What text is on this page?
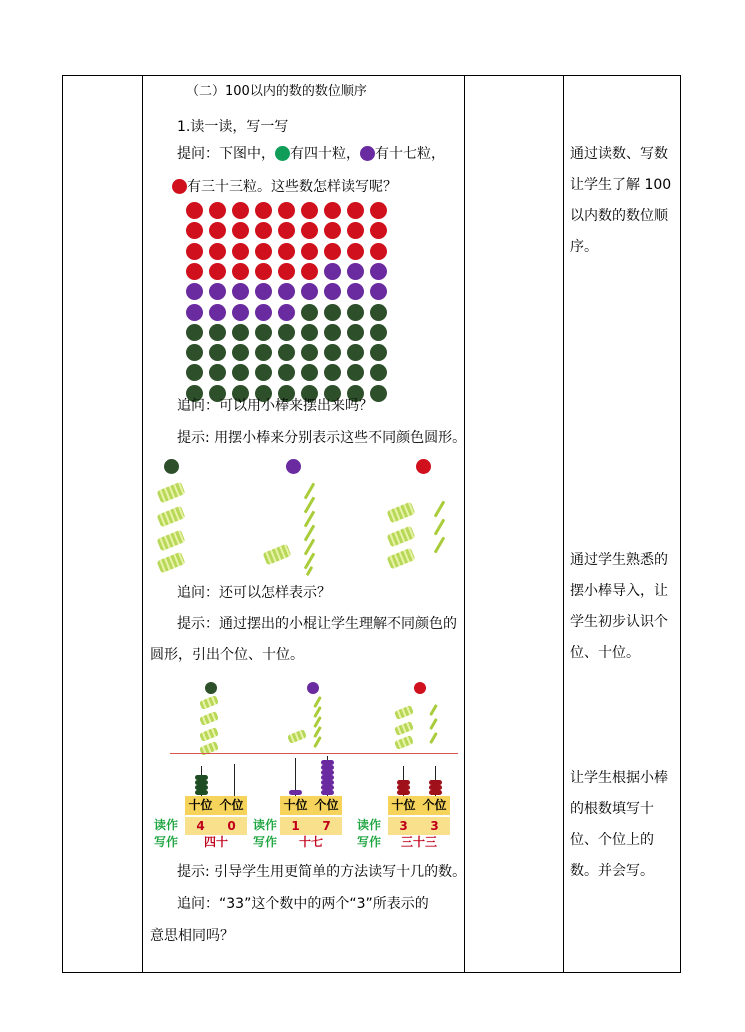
（二）100以内的数的数位顺序
1.读一读，写一写
提问：下图中， 有四十粒， 有十七粒，
有三十三粒。这些数怎样读写呢？
追问：可以用小棒来摆出来吗？
提示: 用摆小棒来分别表示这些不同颜色圆形。
追问：还可以怎样表示？
提示：通过摆出的小棍让学生理解不同颜色的
圆形，引出个位、十位。
十位 个位
4	0
读作
写作	四十
十位 个位
1	7
读作
写作	十七
十位 个位
3	3
读作
写作	三十三
提示: 引导学生用更简单的方法读写十几的数。
追问：“33”这个数中的两个“3”所表示的
意思相同吗？
通过读数、写数让学生了解 100 以内数的数位顺序。
通过学生熟悉的摆小棒导入，让学生初步认识个位、十位。
让学生根据小棒的根数填写十位、个位上的数。并会写。
